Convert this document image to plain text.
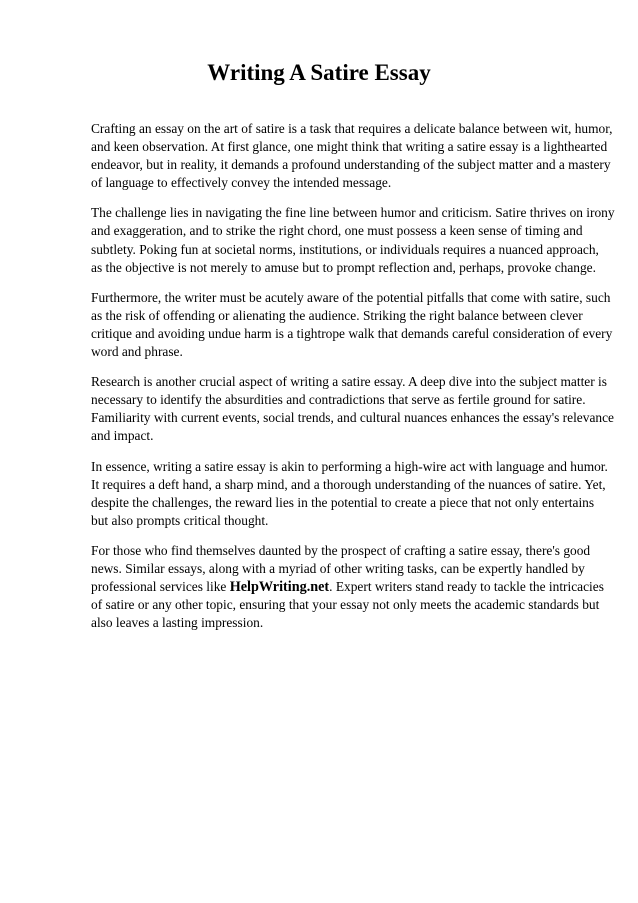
Writing A Satire Essay

Crafting an essay on the art of satire is a task that requires a delicate balance between wit, humor,
and keen observation. At first glance, one might think that writing a satire essay is a lighthearted
endeavor, but in reality, it demands a profound understanding of the subject matter and a mastery
of language to effectively convey the intended message.

The challenge lies in navigating the fine line between humor and criticism. Satire thrives on irony
and exaggeration, and to strike the right chord, one must possess a keen sense of timing and
subtlety. Poking fun at societal norms, institutions, or individuals requires a nuanced approach,
as the objective is not merely to amuse but to prompt reflection and, perhaps, provoke change.

Furthermore, the writer must be acutely aware of the potential pitfalls that come with satire, such
as the risk of offending or alienating the audience. Striking the right balance between clever
critique and avoiding undue harm is a tightrope walk that demands careful consideration of every
word and phrase.

Research is another crucial aspect of writing a satire essay. A deep dive into the subject matter is
necessary to identify the absurdities and contradictions that serve as fertile ground for satire.
Familiarity with current events, social trends, and cultural nuances enhances the essay's relevance
and impact.

In essence, writing a satire essay is akin to performing a high-wire act with language and humor.
It requires a deft hand, a sharp mind, and a thorough understanding of the nuances of satire. Yet,
despite the challenges, the reward lies in the potential to create a piece that not only entertains
but also prompts critical thought.

For those who find themselves daunted by the prospect of crafting a satire essay, there's good
news. Similar essays, along with a myriad of other writing tasks, can be expertly handled by
professional services like HelpWriting.net. Expert writers stand ready to tackle the intricacies
of satire or any other topic, ensuring that your essay not only meets the academic standards but
also leaves a lasting impression.
